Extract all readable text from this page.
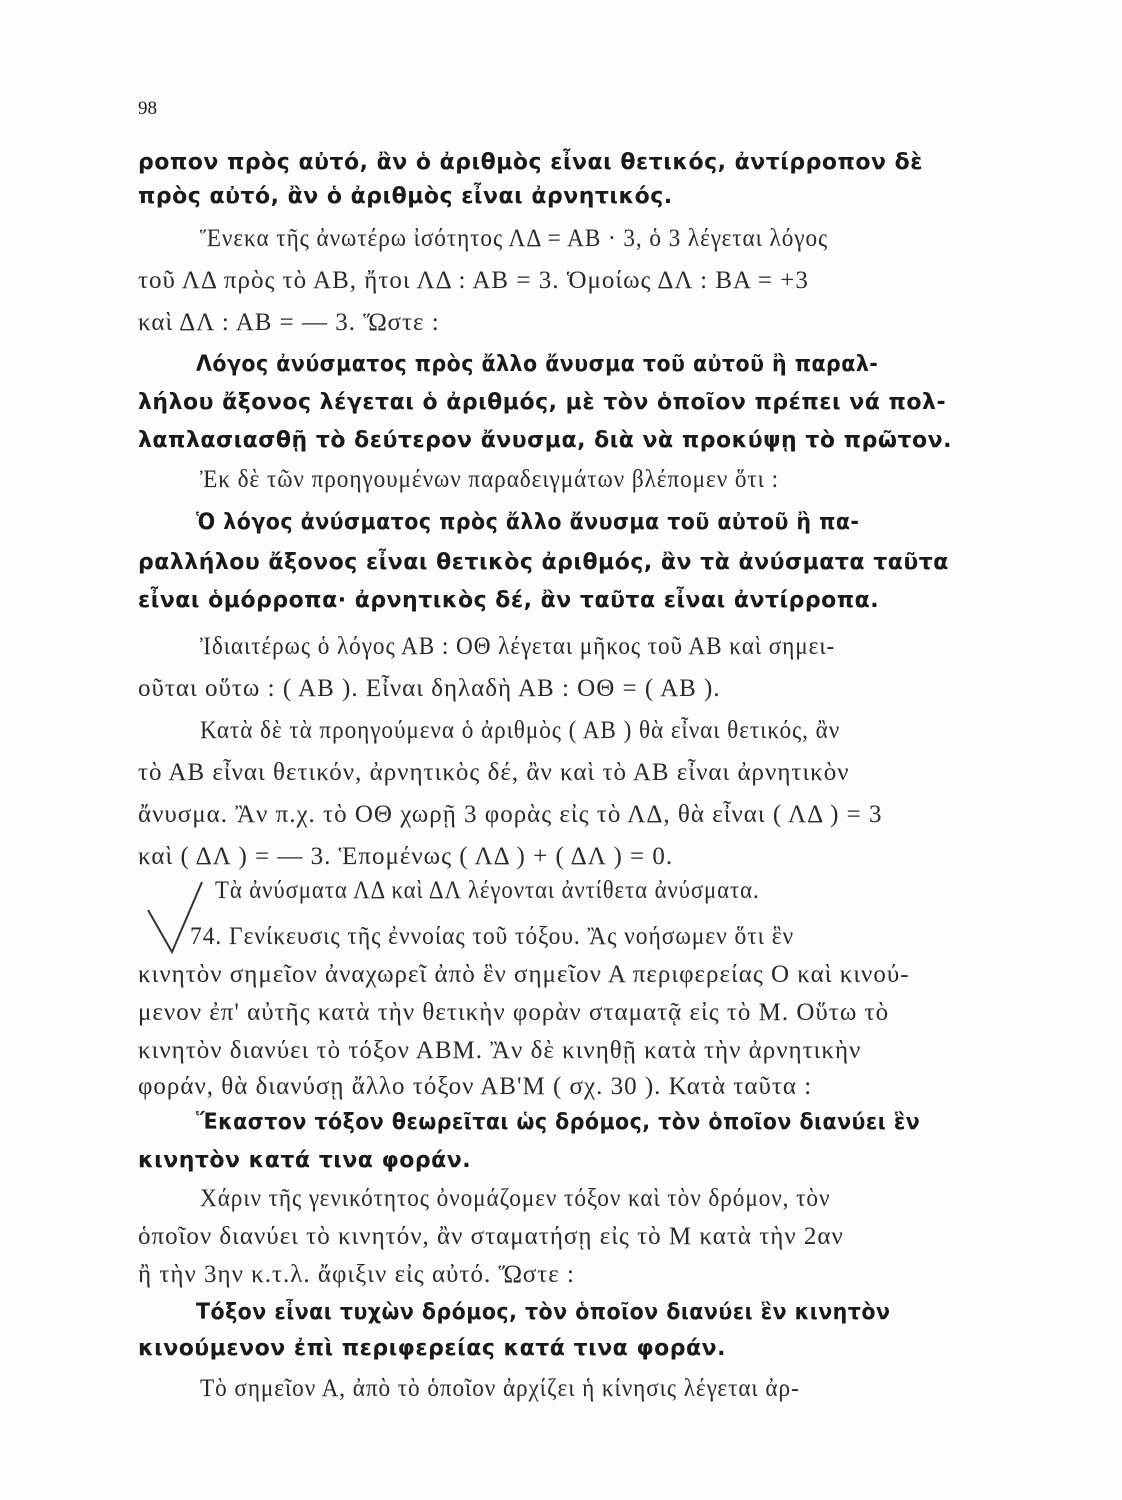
98
ροπον πρὸς αὐτό, ἂν ὁ ἀριθμὸς εἶναι θετικός, ἀντίρροπον δὲ
πρὸς αὐτό, ἂν ὁ ἀριθμὸς εἶναι ἀρνητικός.
Ἕνεκα τῆς ἀνωτέρω ἰσότητος ΛΔ = ΑΒ · 3, ὁ 3 λέγεται λόγος
τοῦ ΛΔ πρὸς τὸ ΑΒ, ἤτοι ΛΔ : ΑΒ = 3. Ὁμοίως ΔΛ : ΒΑ = +3
καὶ ΔΛ : ΑΒ = — 3. Ὥστε :
Λόγος ἀνύσματος πρὸς ἄλλο ἄνυσμα τοῦ αὐτοῦ ἢ παραλ-
λήλου ἄξονος λέγεται ὁ ἀριθμός, μὲ τὸν ὁποῖον πρέπει νά πολ-
λαπλασιασθῇ τὸ δεύτερον ἄνυσμα, διὰ νὰ προκύψῃ τὸ πρῶτον.
Ἐκ δὲ τῶν προηγουμένων παραδειγμάτων βλέπομεν ὅτι :
Ὁ λόγος ἀνύσματος πρὸς ἄλλο ἄνυσμα τοῦ αὐτοῦ ἢ πα-
ραλλήλου ἄξονος εἶναι θετικὸς ἀριθμός, ἂν τὰ ἀνύσματα ταῦτα
εἶναι ὁμόρροπα· ἀρνητικὸς δέ, ἂν ταῦτα εἶναι ἀντίρροπα.
Ἰδιαιτέρως ὁ λόγος ΑΒ : ΟΘ λέγεται μῆκος τοῦ ΑΒ καὶ σημει-
οῦται οὕτω : ( ΑΒ ). Εἶναι δηλαδὴ ΑΒ : ΟΘ = ( ΑΒ ).
Κατὰ δὲ τὰ προηγούμενα ὁ ἀριθμὸς ( ΑΒ ) θὰ εἶναι θετικός, ἂν
τὸ ΑΒ εἶναι θετικόν, ἀρνητικὸς δέ, ἂν καὶ τὸ ΑΒ εἶναι ἀρνητικὸν
ἄνυσμα. Ἂν π.χ. τὸ ΟΘ χωρῇ 3 φορὰς εἰς τὸ ΛΔ, θὰ εἶναι ( ΛΔ ) = 3
καὶ ( ΔΛ ) = — 3. Ἑπομένως ( ΛΔ ) + ( ΔΛ ) = 0.
Τὰ ἀνύσματα ΛΔ καὶ ΔΛ λέγονται ἀντίθετα ἀνύσματα.
74. Γενίκευσις τῆς ἐννοίας τοῦ τόξου. Ἂς νοήσωμεν ὅτι ἓν
κινητὸν σημεῖον ἀναχωρεῖ ἀπὸ ἓν σημεῖον Α περιφερείας Ο καὶ κινού-
μενον ἐπ' αὐτῆς κατὰ τὴν θετικὴν φορὰν σταματᾷ εἰς τὸ Μ. Οὕτω τὸ
κινητὸν διανύει τὸ τόξον ΑΒΜ. Ἂν δὲ κινηθῇ κατὰ τὴν ἀρνητικὴν
φοράν, θὰ διανύσῃ ἄλλο τόξον ΑΒ'Μ ( σχ. 30 ). Κατὰ ταῦτα :
Ἕκαστον τόξον θεωρεῖται ὡς δρόμος, τὸν ὁποῖον διανύει ἓν
κινητὸν κατά τινα φοράν.
Χάριν τῆς γενικότητος ὀνομάζομεν τόξον καὶ τὸν δρόμον, τὸν
ὁποῖον διανύει τὸ κινητόν, ἂν σταματήσῃ εἰς τὸ Μ κατὰ τὴν 2αν
ἢ τὴν 3ην κ.τ.λ. ἄφιξιν εἰς αὐτό. Ὥστε :
Τόξον εἶναι τυχὼν δρόμος, τὸν ὁποῖον διανύει ἓν κινητὸν
κινούμενον ἐπὶ περιφερείας κατά τινα φοράν.
Τὸ σημεῖον Α, ἀπὸ τὸ ὁποῖον ἀρχίζει ἡ κίνησις λέγεται ἀρ-
